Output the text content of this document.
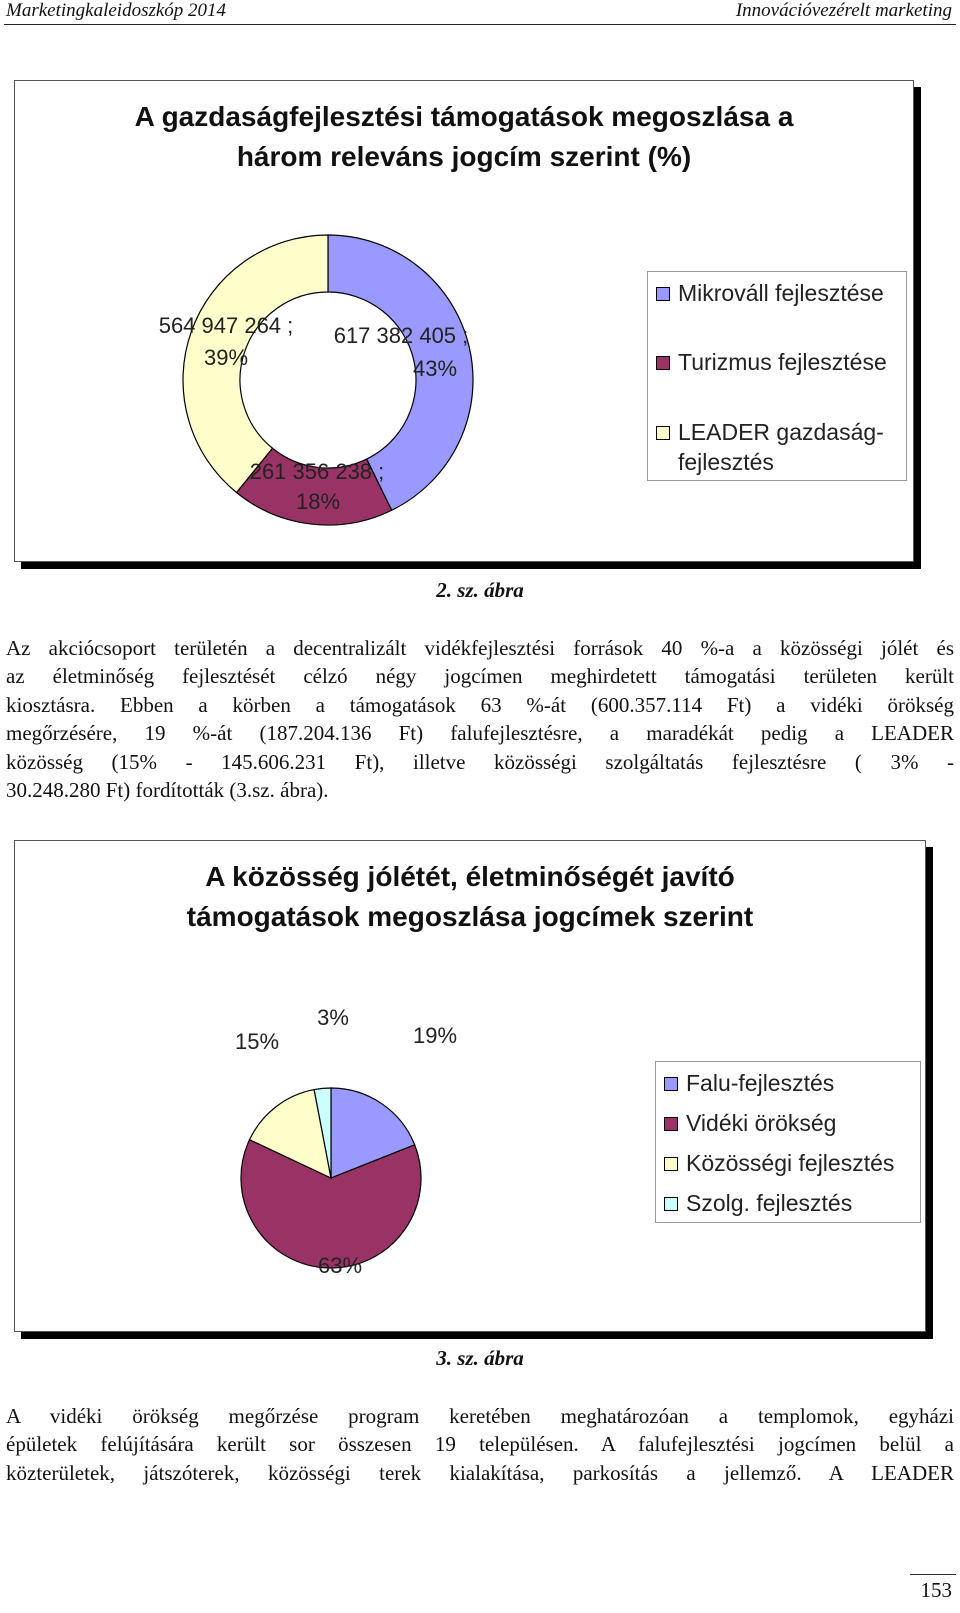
Marketingkaleidoszkóp 2014	Innovációvezérelt marketing
A gazdaságfejlesztési támogatások megoszlása a
három releváns jogcím szerint (%)
617 382 405 ;
43%
261 356 238 ;
18%
564 947 264 ;
39%
Mikrováll fejlesztése
Turizmus fejlesztése
LEADER gazdaság-
fejlesztés
2. sz. ábra
Az akciócsoport területén a decentralizált vidékfejlesztési források 40 %-a a közösségi jólét és
az életminőség fejlesztését célzó négy jogcímen meghirdetett támogatási területen került
kiosztásra. Ebben a körben a támogatások 63 %-át (600.357.114 Ft) a vidéki örökség
megőrzésére, 19 %-át (187.204.136 Ft) falufejlesztésre, a maradékát pedig a LEADER
közösség (15% - 145.606.231 Ft), illetve közösségi szolgáltatás fejlesztésre ( 3% -
30.248.280 Ft) fordították (3.sz. ábra).
A közösség jólétét, életminőségét javító
támogatások megoszlása jogcímek szerint
19%
63%
15%
3%
Falu-fejlesztés
Vidéki örökség
Közösségi fejlesztés
Szolg. fejlesztés
3. sz. ábra
A vidéki örökség megőrzése program keretében meghatározóan a templomok, egyházi
épületek felújítására került sor összesen 19 településen. A falufejlesztési jogcímen belül a
közterületek, játszóterek, közösségi terek kialakítása, parkosítás a jellemző. A LEADER
153
